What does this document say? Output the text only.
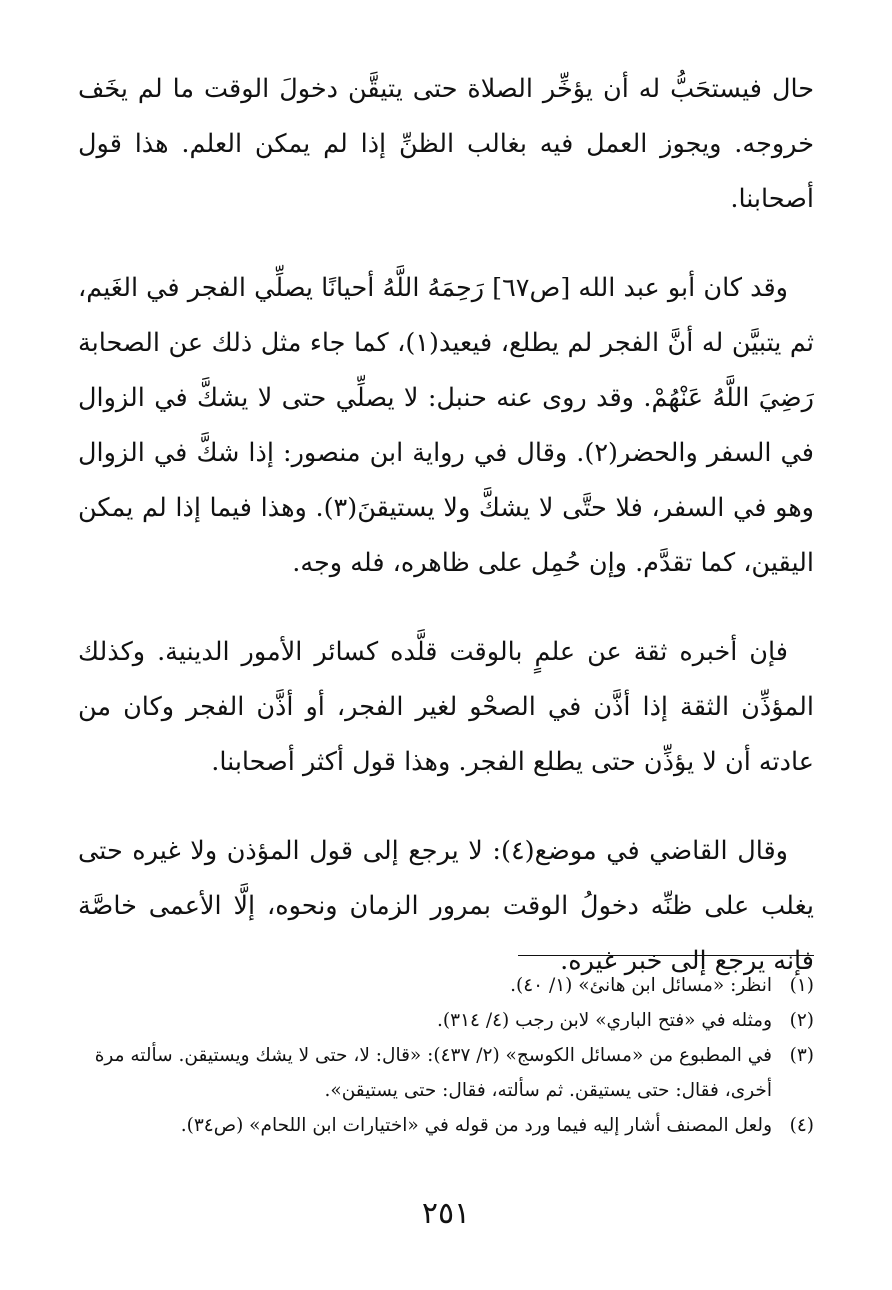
حال فيستحَبُّ له أن يؤخِّر الصلاة حتى يتيقَّن دخولَ الوقت ما لم يخَف خروجه. ويجوز العمل فيه بغالب الظنِّ إذا لم يمكن العلم. هذا قول أصحابنا.

وقد كان أبو عبد الله [ص٦٧] رَحِمَهُ اللَّهُ أحيانًا يصلِّي الفجر في الغَيم، ثم يتبيَّن له أنَّ الفجر لم يطلع، فيعيد(١)، كما جاء مثل ذلك عن الصحابة رَضِيَ اللَّهُ عَنْهُمْ. وقد روى عنه حنبل: لا يصلِّي حتى لا يشكَّ في الزوال في السفر والحضر(٢). وقال في رواية ابن منصور: إذا شكَّ في الزوال وهو في السفر، فلا حتَّى لا يشكَّ ولا يستيقنَ(٣). وهذا فيما إذا لم يمكن اليقين، كما تقدَّم. وإن حُمِل على ظاهره، فله وجه.

فإن أخبره ثقة عن علمٍ بالوقت قلَّده كسائر الأمور الدينية. وكذلك المؤذِّن الثقة إذا أذَّن في الصحْو لغير الفجر، أو أذَّن الفجر وكان من عادته أن لا يؤذِّن حتى يطلع الفجر. وهذا قول أكثر أصحابنا.

وقال القاضي في موضع(٤): لا يرجع إلى قول المؤذن ولا غيره حتى يغلب على ظنِّه دخولُ الوقت بمرور الزمان ونحوه، إلَّا الأعمى خاصَّة فإنه يرجع إلى خبر غيره.

(١)
انظر: «مسائل ابن هانئ» (١/ ٤٠).
(٢)
ومثله في «فتح الباري» لابن رجب (٤/ ٣١٤).
(٣)
في المطبوع من «مسائل الكوسج» (٢/ ٤٣٧): «قال: لا، حتى لا يشك ويستيقن. سألته مرة أخرى، فقال: حتى يستيقن. ثم سألته، فقال: حتى يستيقن».
(٤)
ولعل المصنف أشار إليه فيما ورد من قوله في «اختيارات ابن اللحام» (ص٣٤).
٢٥١
